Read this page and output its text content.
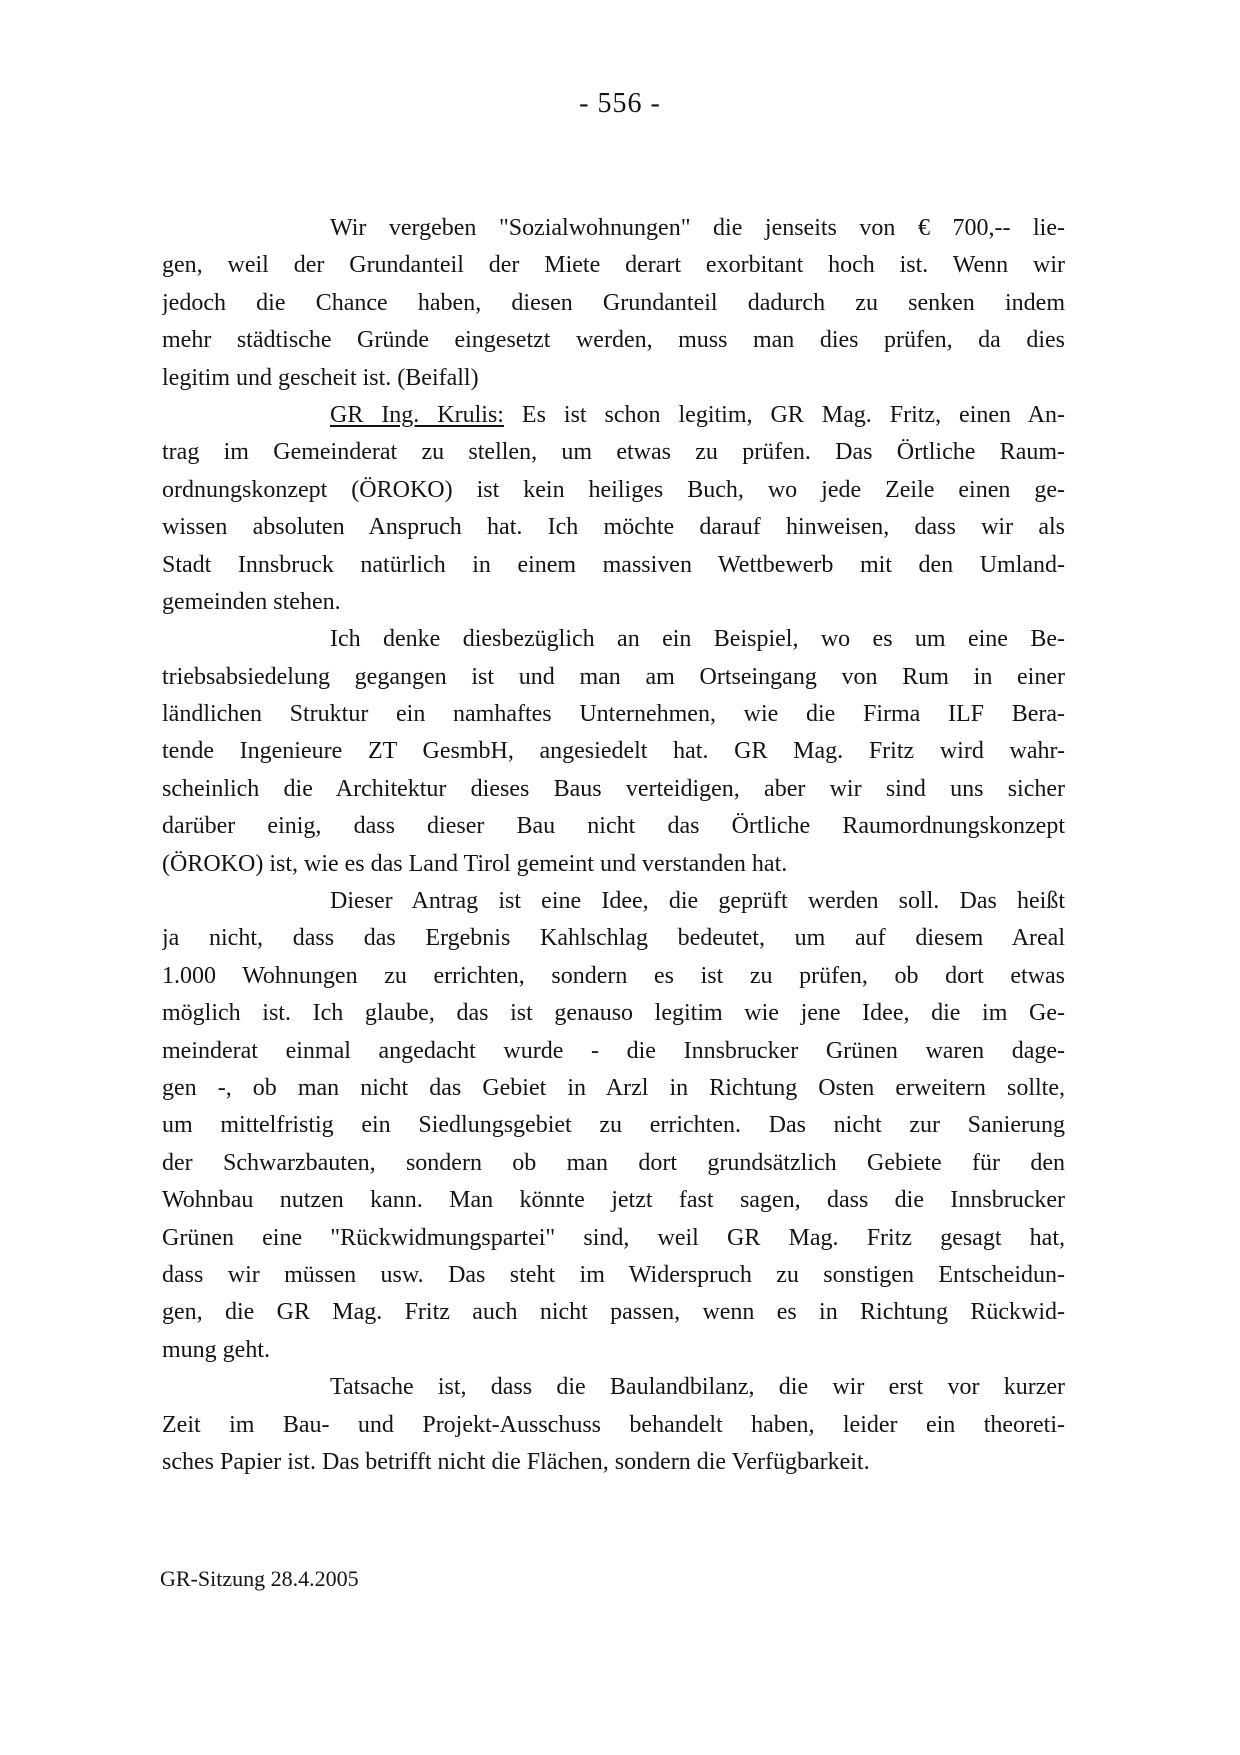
- 556 -
Wir vergeben "Sozialwohnungen" die jenseits von € 700,-- lie-
gen, weil der Grundanteil der Miete derart exorbitant hoch ist. Wenn wir
jedoch die Chance haben, diesen Grundanteil dadurch zu senken indem
mehr städtische Gründe eingesetzt werden, muss man dies prüfen, da dies
legitim und gescheit ist. (Beifall)
GR Ing. Krulis: Es ist schon legitim, GR Mag. Fritz, einen An-
trag im Gemeinderat zu stellen, um etwas zu prüfen. Das Örtliche Raum-
ordnungskonzept (ÖROKO) ist kein heiliges Buch, wo jede Zeile einen ge-
wissen absoluten Anspruch hat. Ich möchte darauf hinweisen, dass wir als
Stadt Innsbruck natürlich in einem massiven Wettbewerb mit den Umland-
gemeinden stehen.
Ich denke diesbezüglich an ein Beispiel, wo es um eine Be-
triebsabsiedelung gegangen ist und man am Ortseingang von Rum in einer
ländlichen Struktur ein namhaftes Unternehmen, wie die Firma ILF Bera-
tende Ingenieure ZT GesmbH, angesiedelt hat. GR Mag. Fritz wird wahr-
scheinlich die Architektur dieses Baus verteidigen, aber wir sind uns sicher
darüber einig, dass dieser Bau nicht das Örtliche Raumordnungskonzept
(ÖROKO) ist, wie es das Land Tirol gemeint und verstanden hat.
Dieser Antrag ist eine Idee, die geprüft werden soll. Das heißt
ja nicht, dass das Ergebnis Kahlschlag bedeutet, um auf diesem Areal
1.000 Wohnungen zu errichten, sondern es ist zu prüfen, ob dort etwas
möglich ist. Ich glaube, das ist genauso legitim wie jene Idee, die im Ge-
meinderat einmal angedacht wurde - die Innsbrucker Grünen waren dage-
gen -, ob man nicht das Gebiet in Arzl in Richtung Osten erweitern sollte,
um mittelfristig ein Siedlungsgebiet zu errichten. Das nicht zur Sanierung
der Schwarzbauten, sondern ob man dort grundsätzlich Gebiete für den
Wohnbau nutzen kann. Man könnte jetzt fast sagen, dass die Innsbrucker
Grünen eine "Rückwidmungspartei" sind, weil GR Mag. Fritz gesagt hat,
dass wir müssen usw. Das steht im Widerspruch zu sonstigen Entscheidun-
gen, die GR Mag. Fritz auch nicht passen, wenn es in Richtung Rückwid-
mung geht.
Tatsache ist, dass die Baulandbilanz, die wir erst vor kurzer
Zeit im Bau- und Projekt-Ausschuss behandelt haben, leider ein theoreti-
sches Papier ist. Das betrifft nicht die Flächen, sondern die Verfügbarkeit.
GR-Sitzung 28.4.2005
